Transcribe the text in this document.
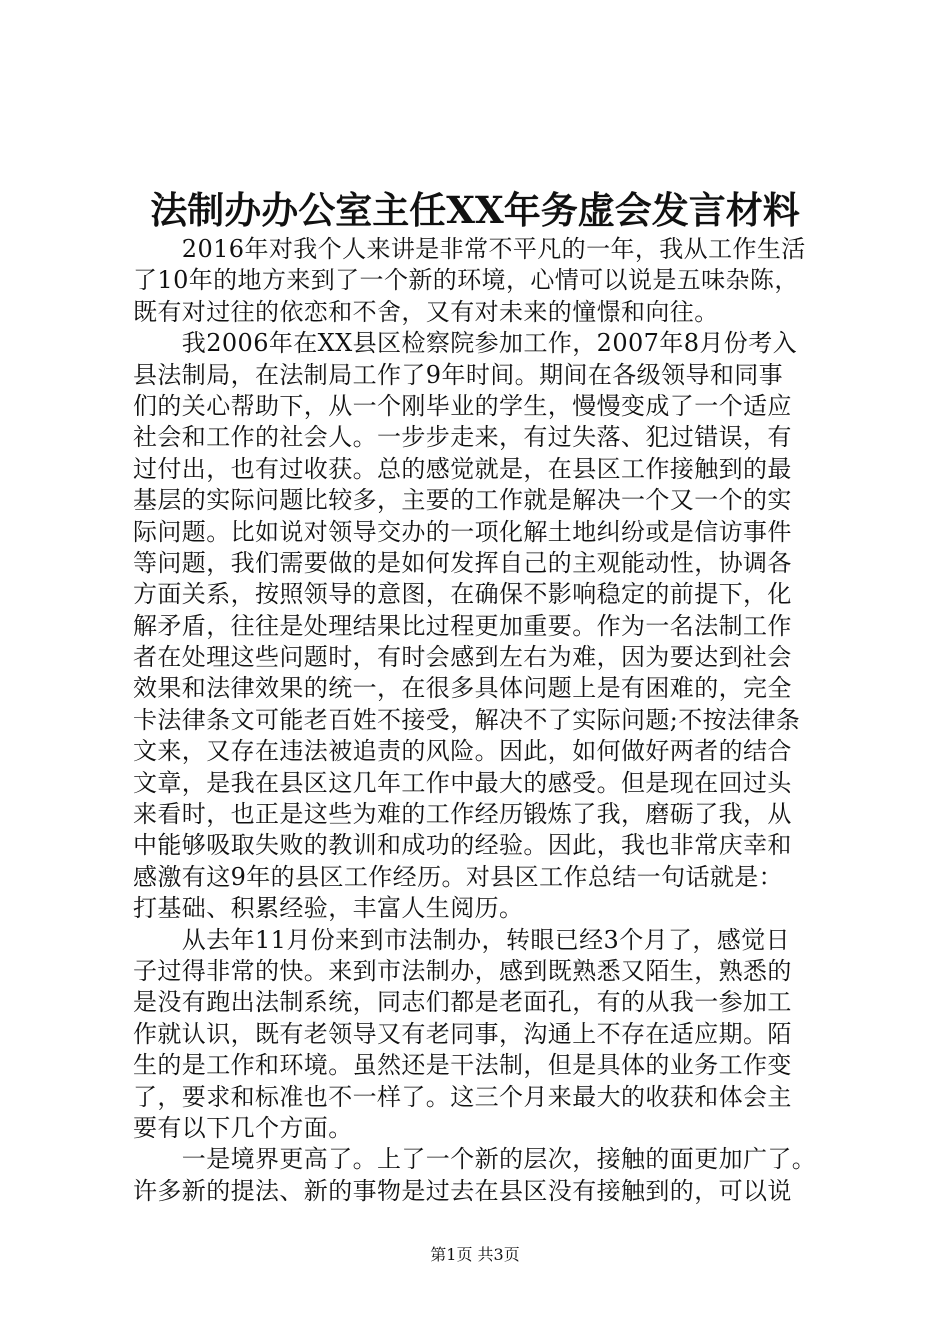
法制办办公室主任XX年务虚会发言材料
　　2016年对我个人来讲是非常不平凡的一年，我从工作生活
了10年的地方来到了一个新的环境，心情可以说是五味杂陈，
既有对过往的依恋和不舍，又有对未来的憧憬和向往。
　　我2006年在XX县区检察院参加工作，2007年8月份考入
县法制局，在法制局工作了9年时间。期间在各级领导和同事
们的关心帮助下，从一个刚毕业的学生，慢慢变成了一个适应
社会和工作的社会人。一步步走来，有过失落、犯过错误，有
过付出，也有过收获。总的感觉就是，在县区工作接触到的最
基层的实际问题比较多，主要的工作就是解决一个又一个的实
际问题。比如说对领导交办的一项化解土地纠纷或是信访事件
等问题，我们需要做的是如何发挥自己的主观能动性，协调各
方面关系，按照领导的意图，在确保不影响稳定的前提下，化
解矛盾，往往是处理结果比过程更加重要。作为一名法制工作
者在处理这些问题时，有时会感到左右为难，因为要达到社会
效果和法律效果的统一，在很多具体问题上是有困难的，完全
卡法律条文可能老百姓不接受，解决不了实际问题;不按法律条
文来，又存在违法被追责的风险。因此，如何做好两者的结合
文章，是我在县区这几年工作中最大的感受。但是现在回过头
来看时，也正是这些为难的工作经历锻炼了我，磨砺了我，从
中能够吸取失败的教训和成功的经验。因此，我也非常庆幸和
感激有这9年的县区工作经历。对县区工作总结一句话就是：
打基础、积累经验，丰富人生阅历。
　　从去年11月份来到市法制办，转眼已经3个月了，感觉日
子过得非常的快。来到市法制办，感到既熟悉又陌生，熟悉的
是没有跑出法制系统，同志们都是老面孔，有的从我一参加工
作就认识，既有老领导又有老同事，沟通上不存在适应期。陌
生的是工作和环境。虽然还是干法制，但是具体的业务工作变
了，要求和标准也不一样了。这三个月来最大的收获和体会主
要有以下几个方面。
　　一是境界更高了。上了一个新的层次，接触的面更加广了。
许多新的提法、新的事物是过去在县区没有接触到的，可以说
第1页 共3页
